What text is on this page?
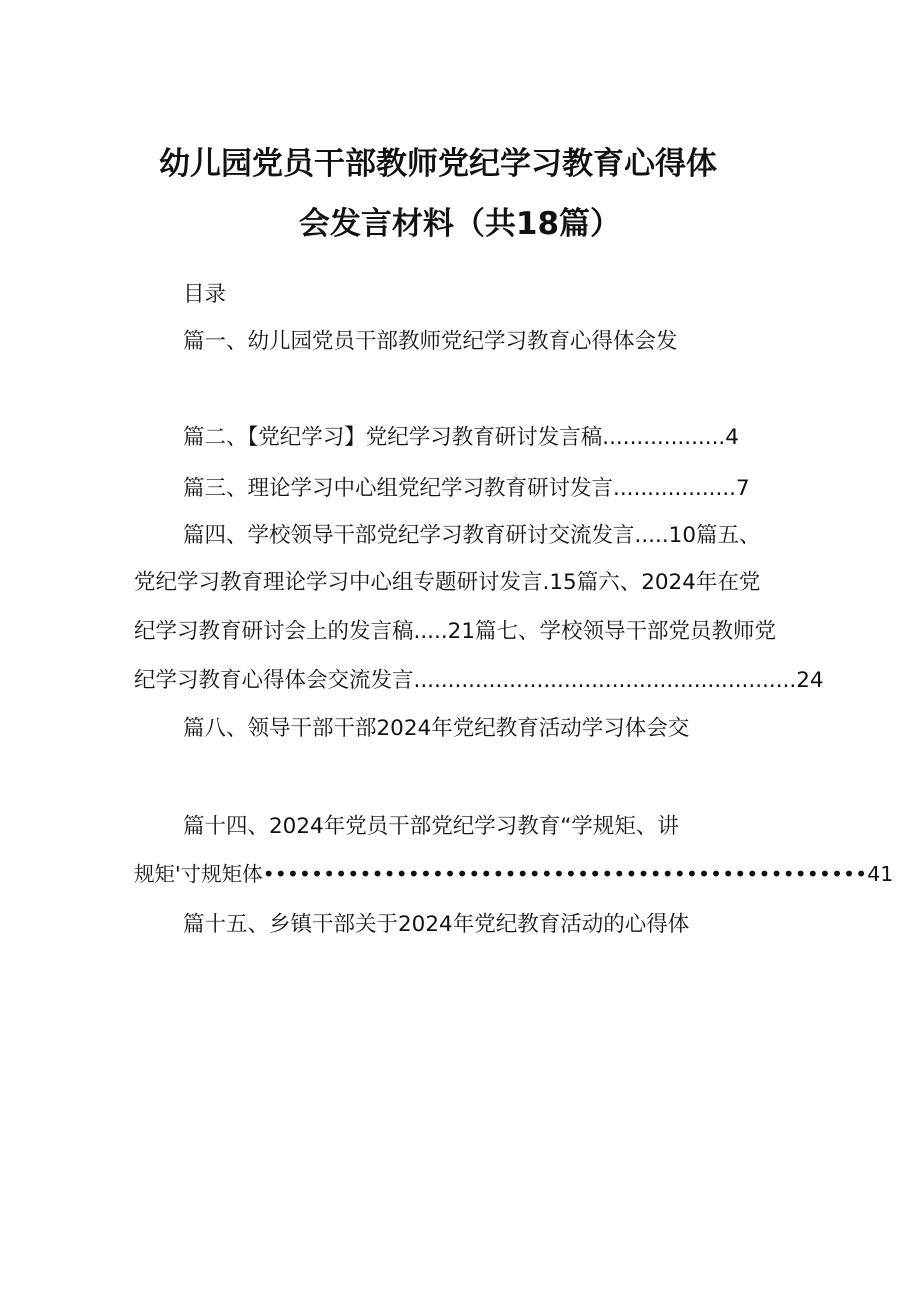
幼儿园党员干部教师党纪学习教育心得体
会发言材料（共18篇）
目录
篇一、幼儿园党员干部教师党纪学习教育心得体会发
篇二、【党纪学习】党纪学习教育研讨发言稿..................4
篇三、理论学习中心组党纪学习教育研讨发言..................7
篇四、学校领导干部党纪学习教育研讨交流发言.....10篇五、
党纪学习教育理论学习中心组专题研讨发言.15篇六、2024年在党
纪学习教育研讨会上的发言稿.....21篇七、学校领导干部党员教师党
纪学习教育心得体会交流发言........................................................24
篇八、领导干部干部2024年党纪教育活动学习体会交
篇十四、2024年党员干部党纪学习教育“学规矩、讲
规矩'寸规矩体••••••••••••••••••••••••••••••••••••••••••••••••••41
篇十五、乡镇干部关于2024年党纪教育活动的心得体
